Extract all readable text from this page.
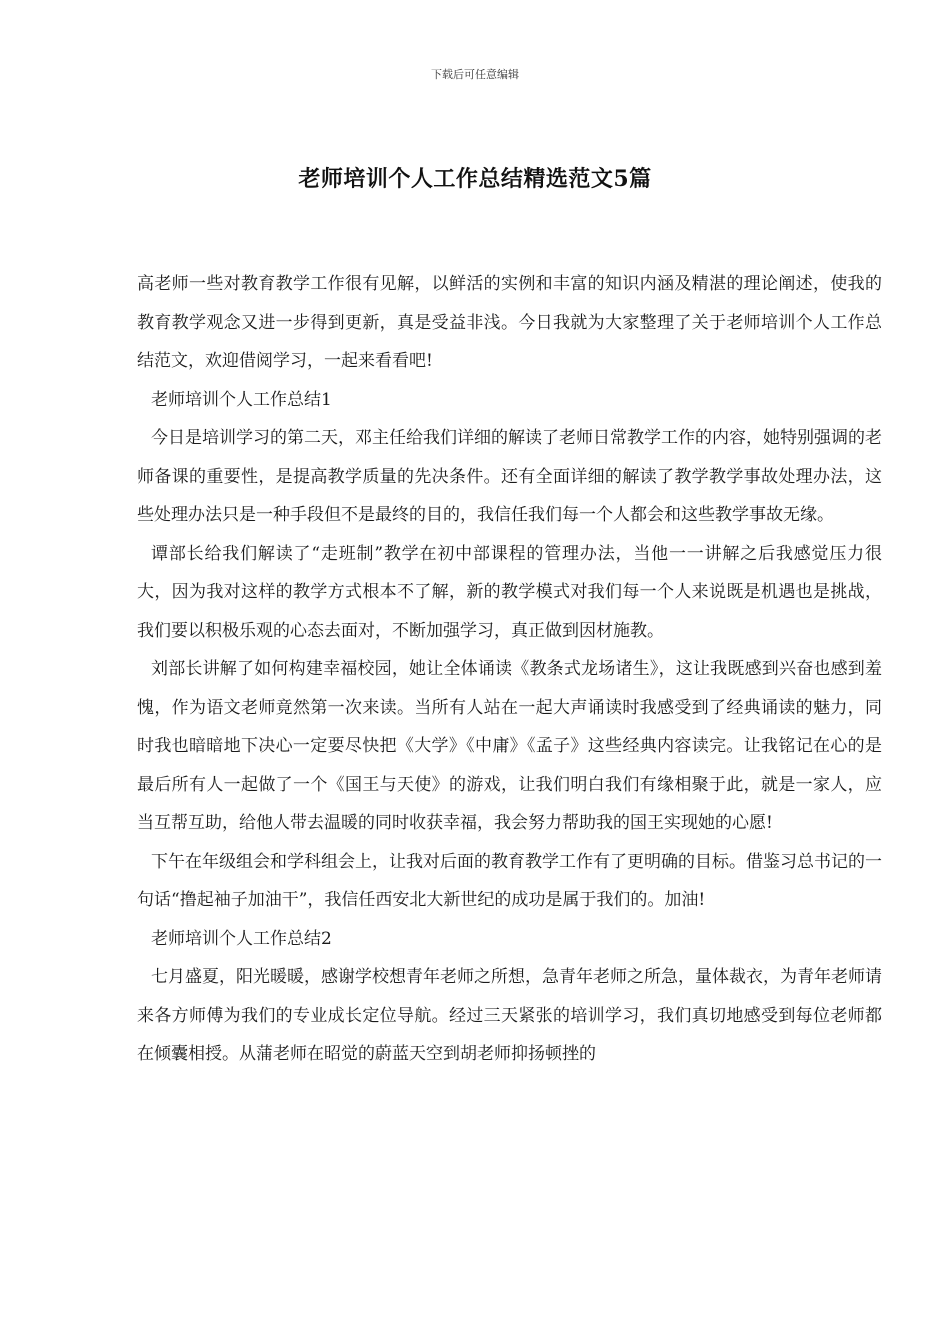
下载后可任意编辑
老师培训个人工作总结精选范文5篇

高老师一些对教育教学工作很有见解，以鲜活的实例和丰富的知识内涵及精湛的理论阐述，使我的教育教学观念又进一步得到更新，真是受益非浅。今日我就为大家整理了关于老师培训个人工作总结范文，欢迎借阅学习，一起来看看吧!

老师培训个人工作总结1

今日是培训学习的第二天，邓主任给我们详细的解读了老师日常教学工作的内容，她特别强调的老师备课的重要性，是提高教学质量的先决条件。还有全面详细的解读了教学教学事故处理办法，这些处理办法只是一种手段但不是最终的目的，我信任我们每一个人都会和这些教学事故无缘。

谭部长给我们解读了“走班制”教学在初中部课程的管理办法，当他一一讲解之后我感觉压力很大，因为我对这样的教学方式根本不了解，新的教学模式对我们每一个人来说既是机遇也是挑战，我们要以积极乐观的心态去面对，不断加强学习，真正做到因材施教。

刘部长讲解了如何构建幸福校园，她让全体诵读《教条式龙场诸生》，这让我既感到兴奋也感到羞愧，作为语文老师竟然第一次来读。当所有人站在一起大声诵读时我感受到了经典诵读的魅力，同时我也暗暗地下决心一定要尽快把《大学》《中庸》《孟子》这些经典内容读完。让我铭记在心的是最后所有人一起做了一个《国王与天使》的游戏，让我们明白我们有缘相聚于此，就是一家人，应当互帮互助，给他人带去温暖的同时收获幸福，我会努力帮助我的国王实现她的心愿!

下午在年级组会和学科组会上，让我对后面的教育教学工作有了更明确的目标。借鉴习总书记的一句话“撸起袖子加油干”，我信任西安北大新世纪的成功是属于我们的。加油!

老师培训个人工作总结2

七月盛夏，阳光暖暖，感谢学校想青年老师之所想，急青年老师之所急，量体裁衣，为青年老师请来各方师傅为我们的专业成长定位导航。经过三天紧张的培训学习，我们真切地感受到每位老师都在倾囊相授。从蒲老师在昭觉的蔚蓝天空到胡老师抑扬顿挫的
